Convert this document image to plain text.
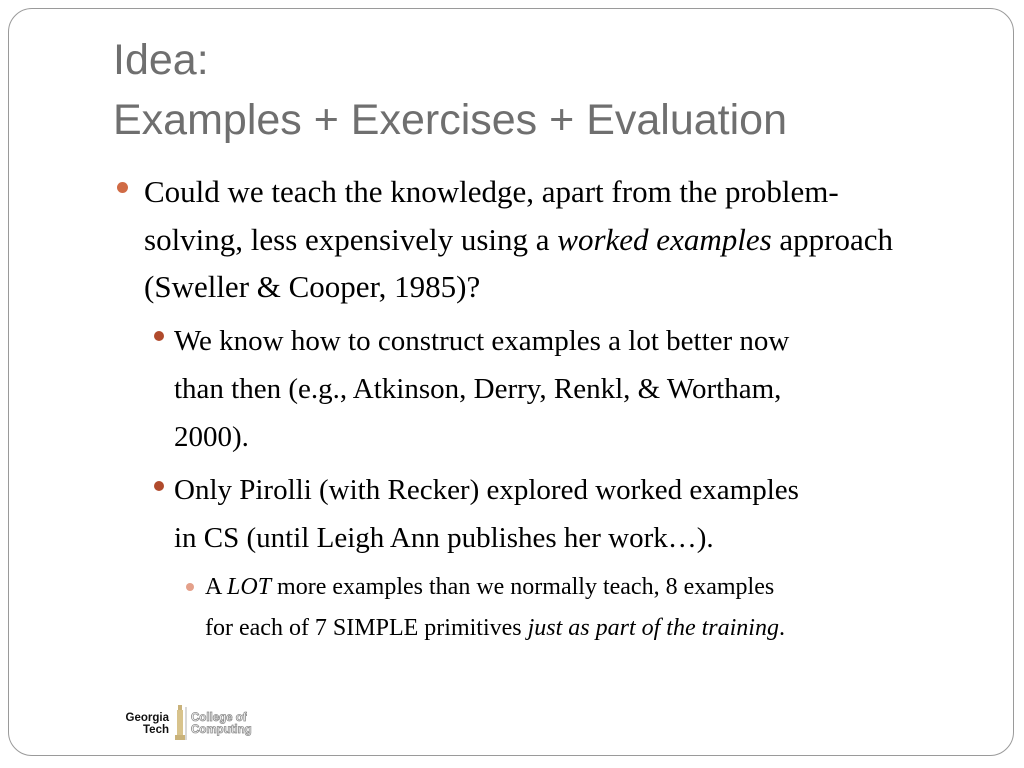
Idea:
Examples + Exercises + Evaluation
Could we teach the knowledge, apart from the problem-
solving, less expensively using a worked examples approach
(Sweller & Cooper, 1985)?
We know how to construct examples a lot better now
than then (e.g., Atkinson, Derry, Renkl, & Wortham,
2000).
Only Pirolli (with Recker) explored worked examples
in CS (until Leigh Ann publishes her work…).
A LOT more examples than we normally teach, 8 examples
for each of 7 SIMPLE primitives just as part of the training.
Georgia
Tech
College of
Computing
